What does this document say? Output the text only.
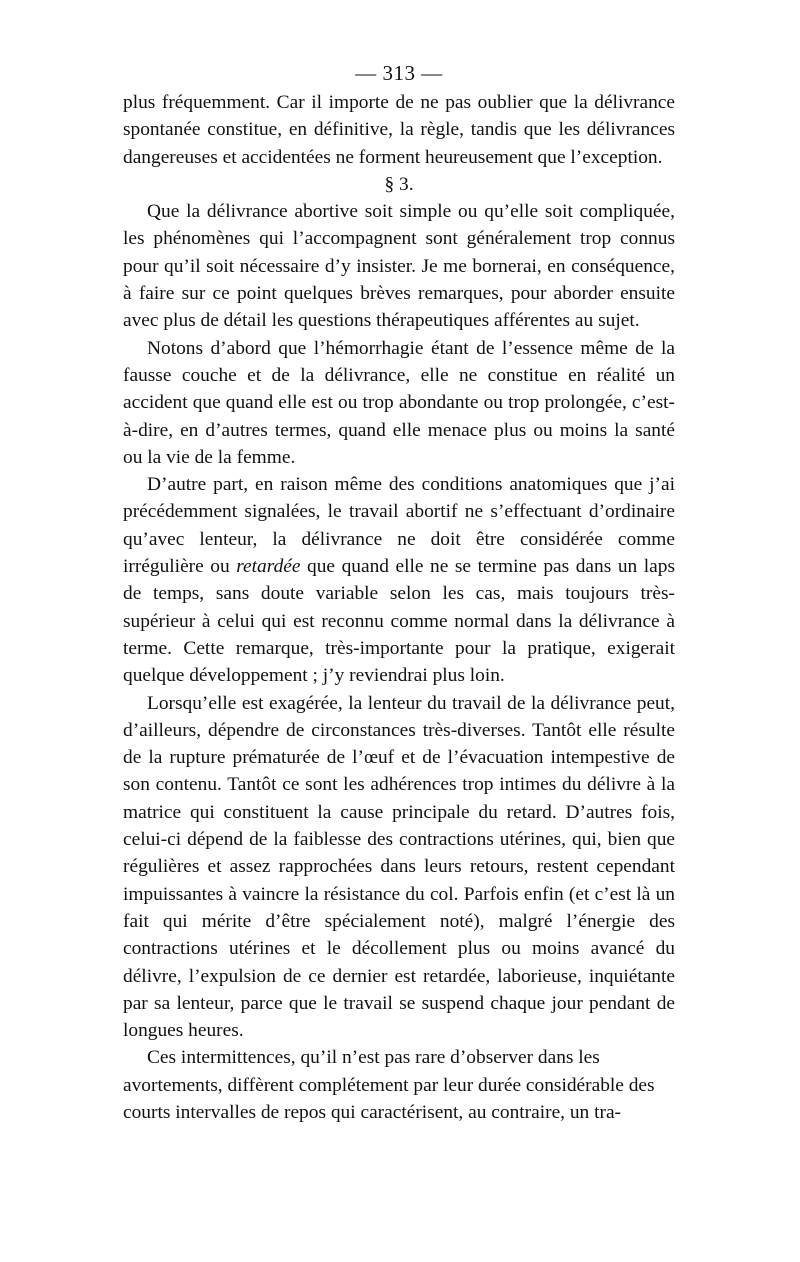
— 313 —

plus fréquemment. Car il importe de ne pas oublier que la délivrance spontanée constitue, en définitive, la règle, tandis que les délivrances dangereuses et accidentées ne forment heureusement que l’exception.

§ 3.

Que la délivrance abortive soit simple ou qu’elle soit compliquée, les phénomènes qui l’accompagnent sont généralement trop connus pour qu’il soit nécessaire d’y insister. Je me bornerai, en conséquence, à faire sur ce point quelques brèves remarques, pour aborder ensuite avec plus de détail les questions thérapeutiques afférentes au sujet.

Notons d’abord que l’hémorrhagie étant de l’essence même de la fausse couche et de la délivrance, elle ne constitue en réalité un accident que quand elle est ou trop abondante ou trop prolongée, c’est-à-dire, en d’autres termes, quand elle menace plus ou moins la santé ou la vie de la femme.

D’autre part, en raison même des conditions anatomiques que j’ai précédemment signalées, le travail abortif ne s’effectuant d’ordinaire qu’avec lenteur, la délivrance ne doit être considérée comme irrégulière ou retardée que quand elle ne se termine pas dans un laps de temps, sans doute variable selon les cas, mais toujours très-supérieur à celui qui est reconnu comme normal dans la délivrance à terme. Cette remarque, très-importante pour la pratique, exigerait quelque développement ; j’y reviendrai plus loin.

Lorsqu’elle est exagérée, la lenteur du travail de la délivrance peut, d’ailleurs, dépendre de circonstances très-diverses. Tantôt elle résulte de la rupture prématurée de l’œuf et de l’évacuation intempestive de son contenu. Tantôt ce sont les adhérences trop intimes du délivre à la matrice qui constituent la cause principale du retard. D’autres fois, celui-ci dépend de la faiblesse des contractions utérines, qui, bien que régulières et assez rapprochées dans leurs retours, restent cependant impuissantes à vaincre la résistance du col. Parfois enfin (et c’est là un fait qui mérite d’être spécialement noté), malgré l’énergie des contractions utérines et le décollement plus ou moins avancé du délivre, l’expulsion de ce dernier est retardée, laborieuse, inquiétante par sa lenteur, parce que le travail se suspend chaque jour pendant de longues heures.

Ces intermittences, qu’il n’est pas rare d’observer dans les avortements, diffèrent complétement par leur durée considérable des courts intervalles de repos qui caractérisent, au contraire, un tra-
